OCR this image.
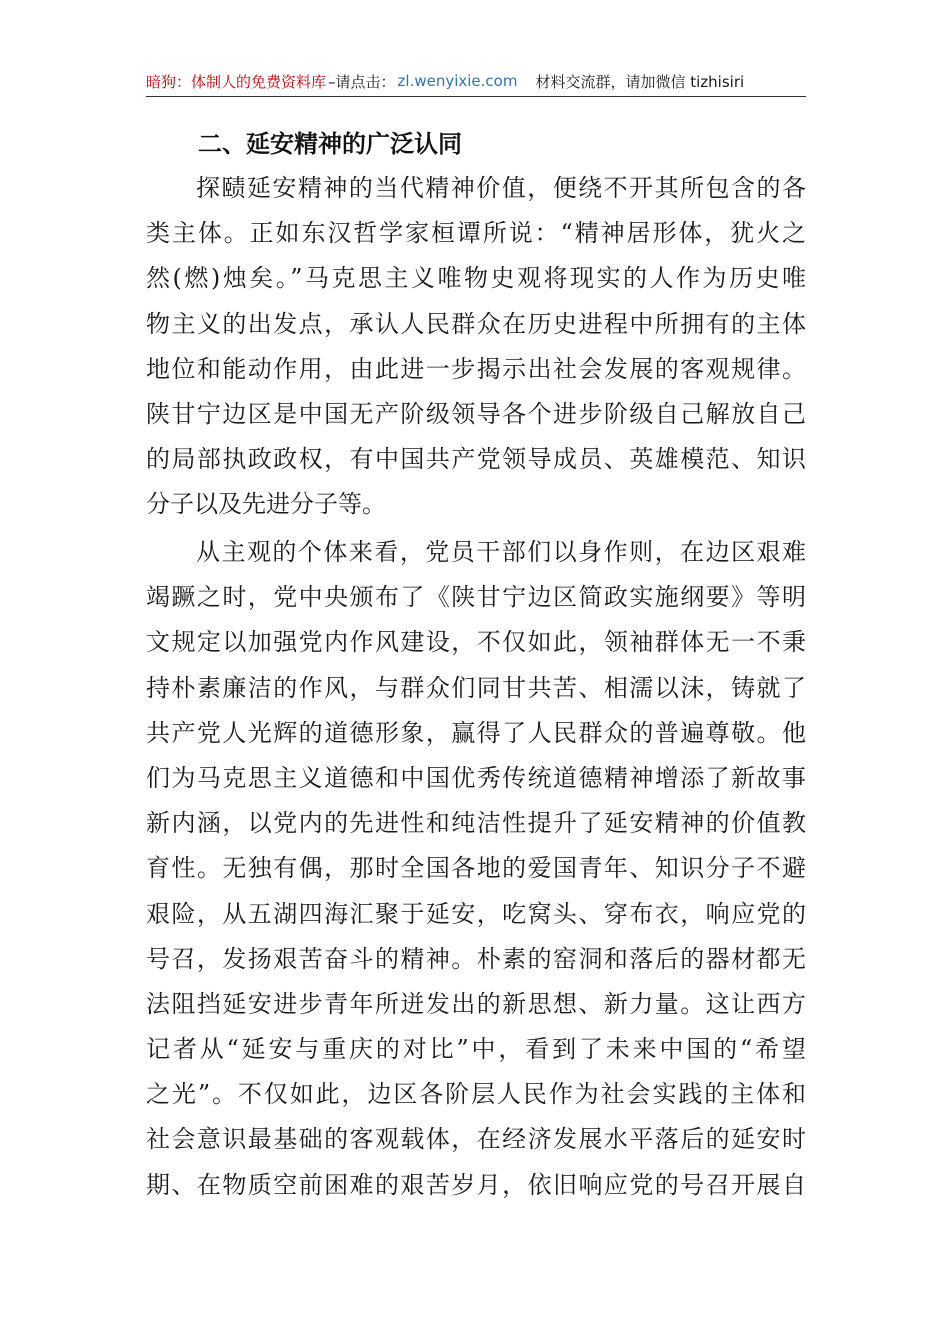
暗狗：体制人的免费资料库 –请点击： zl.wenyixie.com 材料交流群，请加微信 tizhisiri
二、延安精神的广泛认同
探赜延安精神的当代精神价值，便绕不开其所包含的各
类主体。正如东汉哲学家桓谭所说：“精神居形体，犹火之
然(燃)烛矣。”马克思主义唯物史观将现实的人作为历史唯
物主义的出发点，承认人民群众在历史进程中所拥有的主体
地位和能动作用，由此进一步揭示出社会发展的客观规律。
陕甘宁边区是中国无产阶级领导各个进步阶级自己解放自己
的局部执政政权，有中国共产党领导成员、英雄模范、知识
分子以及先进分子等。
从主观的个体来看，党员干部们以身作则，在边区艰难
竭蹶之时，党中央颁布了《陕甘宁边区简政实施纲要》等明
文规定以加强党内作风建设，不仅如此，领袖群体无一不秉
持朴素廉洁的作风，与群众们同甘共苦、相濡以沫，铸就了
共产党人光辉的道德形象，赢得了人民群众的普遍尊敬。他
们为马克思主义道德和中国优秀传统道德精神增添了新故事
新内涵，以党内的先进性和纯洁性提升了延安精神的价值教
育性。无独有偶，那时全国各地的爱国青年、知识分子不避
艰险，从五湖四海汇聚于延安，吃窝头、穿布衣，响应党的
号召，发扬艰苦奋斗的精神。朴素的窑洞和落后的器材都无
法阻挡延安进步青年所迸发出的新思想、新力量。这让西方
记者从“延安与重庆的对比”中，看到了未来中国的“希望
之光”。不仅如此，边区各阶层人民作为社会实践的主体和
社会意识最基础的客观载体，在经济发展水平落后的延安时
期、在物质空前困难的艰苦岁月，依旧响应党的号召开展自
